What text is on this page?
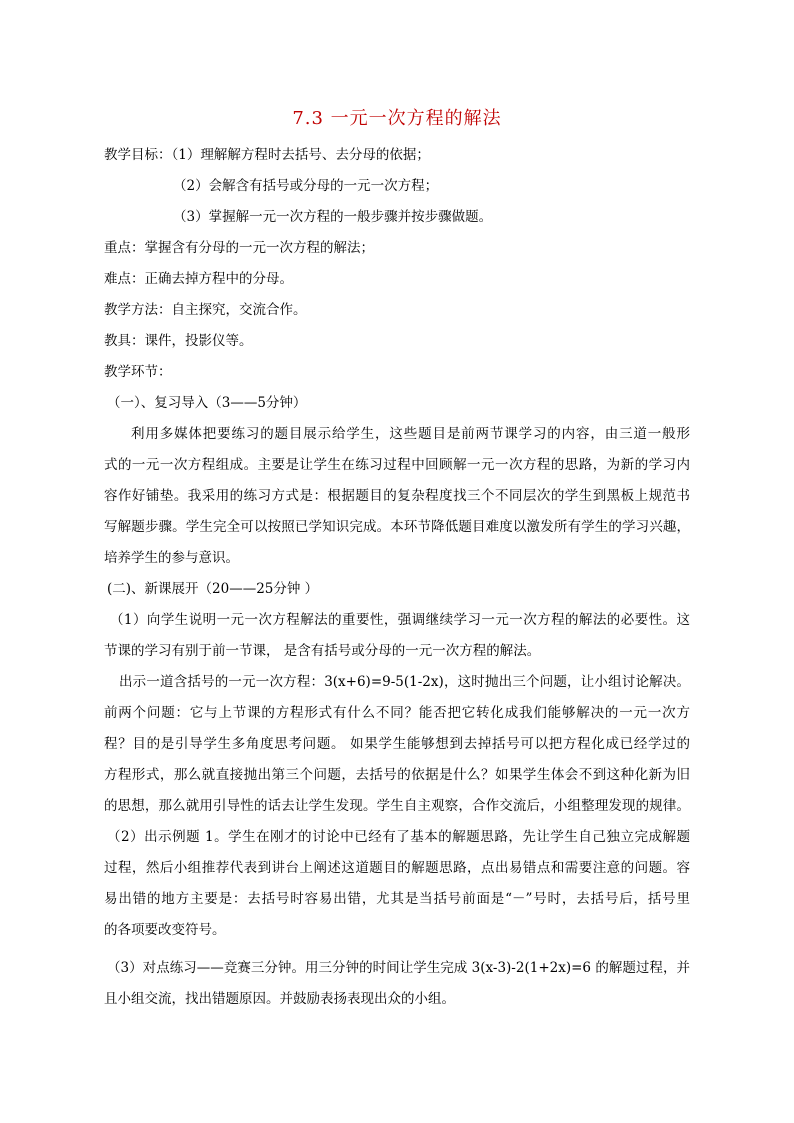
7.3 一元一次方程的解法
教学目标：（1）理解解方程时去括号、去分母的依据；
（2）会解含有括号或分母的一元一次方程；
（3）掌握解一元一次方程的一般步骤并按步骤做题。
重点：掌握含有分母的一元一次方程的解法；
难点：正确去掉方程中的分母。
教学方法：自主探究，交流合作。
教具：课件，投影仪等。
教学环节：
（一）、复习导入（3——5分钟）
利用多媒体把要练习的题目展示给学生，这些题目是前两节课学习的内容，由三道一般形
式的一元一次方程组成。主要是让学生在练习过程中回顾解一元一次方程的思路，为新的学习内
容作好铺垫。我采用的练习方式是：根据题目的复杂程度找三个不同层次的学生到黑板上规范书
写解题步骤。学生完全可以按照已学知识完成。本环节降低题目难度以激发所有学生的学习兴趣，
培养学生的参与意识。
(二)、新课展开（20——25分钟 ）
（1）向学生说明一元一次方程解法的重要性，强调继续学习一元一次方程的解法的必要性。这
节课的学习有别于前一节课， 是含有括号或分母的一元一次方程的解法。
出示一道含括号的一元一次方程：3(x+6)=9-5(1-2x)，这时抛出三个问题，让小组讨论解决。
前两个问题：它与上节课的方程形式有什么不同？能否把它转化成我们能够解决的一元一次方
程？目的是引导学生多角度思考问题。 如果学生能够想到去掉括号可以把方程化成已经学过的
方程形式，那么就直接抛出第三个问题，去括号的依据是什么？如果学生体会不到这种化新为旧
的思想，那么就用引导性的话去让学生发现。学生自主观察，合作交流后，小组整理发现的规律。
（2）出示例题 1。学生在刚才的讨论中已经有了基本的解题思路，先让学生自己独立完成解题
过程，然后小组推荐代表到讲台上阐述这道题目的解题思路，点出易错点和需要注意的问题。容
易出错的地方主要是：去括号时容易出错，尤其是当括号前面是“－”号时，去括号后，括号里
的各项要改变符号。
（3）对点练习——竞赛三分钟。用三分钟的时间让学生完成 3(x-3)-2(1+2x)=6 的解题过程，并
且小组交流，找出错题原因。并鼓励表扬表现出众的小组。
